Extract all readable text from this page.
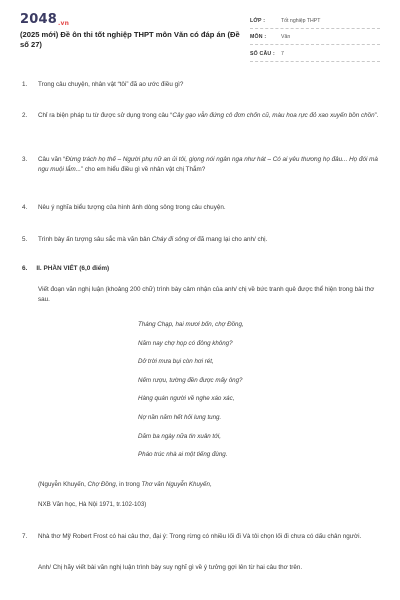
2048.vn
(2025 mới) Đề ôn thi tốt nghiệp THPT môn Văn có đáp án (Đề số 27)
LỚP :	Tốt nghiệp THPT
MÔN :	Văn
SỐ CÂU :	7
1. Trong câu chuyện, nhân vật “tôi” đã ao ước điều gì?
2. Chỉ ra biện pháp tu từ được sử dụng trong câu “Cây gạo vẫn đứng cô đơn chốn cũ, màu hoa rực đỏ xao xuyến bồn chồn”.
3. Câu văn “Đừng trách họ thế – Người phụ nữ an ủi tôi, giọng nói ngân nga như hát – Có ai yêu thương họ đâu... Họ đói mà ngu muội lắm...” cho em hiểu điều gì về nhân vật chị Thắm?
4. Nêu ý nghĩa biểu tượng của hình ảnh dòng sông trong câu chuyện.
5. Trình bày ấn tượng sâu sắc mà văn bản Cháy đi sông ơi đã mang lại cho anh/ chị.
6. II. PHẦN VIẾT (6,0 điểm)
Viết đoạn văn nghị luận (khoảng 200 chữ) trình bày cảm nhận của anh/ chị về bức tranh quê được thể hiện trong bài thơ sau.
Tháng Chạp, hai mươi bốn, chợ Đồng,
Năm nay chợ họp có đông không?
Dở trời mưa bụi còn hơi rét,
Nếm rượu, tường đền được mấy ông?
Hàng quán người về nghe xáo xác,
Nợ nần năm hết hỏi lung tung.
Dăm ba ngày nữa tin xuân tới,
Pháo trúc nhà ai một tiếng đùng.
(Nguyễn Khuyến, Chợ Đồng, in trong Thơ văn Nguyễn Khuyến,
NXB Văn học, Hà Nội 1971, tr.102-103)
7. Nhà thơ Mỹ Robert Frost có hai câu thơ, đại ý: Trong rừng có nhiều lối đi Và tôi chọn lối đi chưa có dấu chân người.
Anh/ Chị hãy viết bài văn nghị luận trình bày suy nghĩ gì về ý tưởng gợi lên từ hai câu thơ trên.
